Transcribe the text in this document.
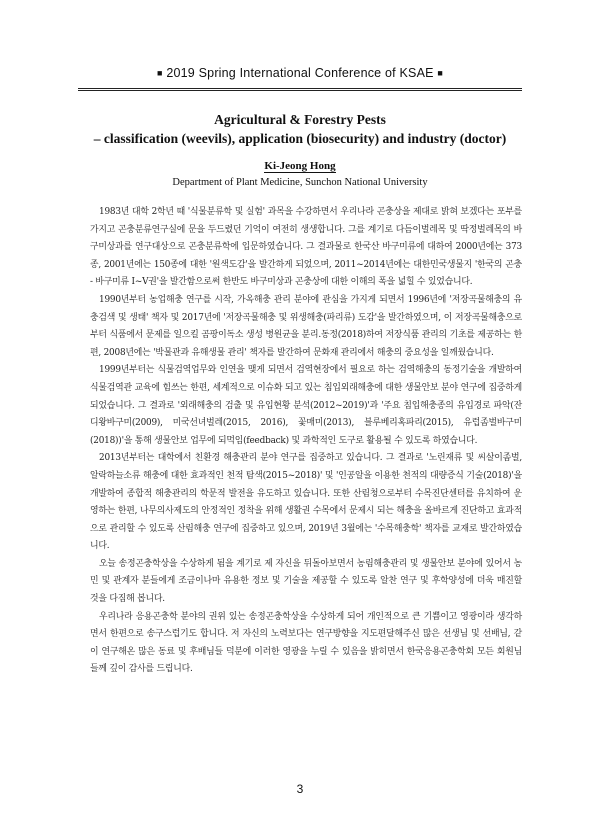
■ 2019 Spring International Conference of KSAE ■
Agricultural & Forestry Pests
– classification (weevils), application (biosecurity) and industry (doctor)
Ki-Jeong Hong
Department of Plant Medicine, Sunchon National University

1983년 대학 2학년 때 '식물분류학 및 실험' 과목을 수강하면서 우리나라 곤충상을 제대로 밝혀 보겠다는 포부를 가지고 곤충분류연구실에 문을 두드렸던 기억이 여전히 생생합니다. 그를 계기로 다듬이벌레목 및 딱정벌레목의 바구미상과를 연구대상으로 곤충분류학에 입문하였습니다. 그 결과물로 한국산 바구미류에 대하여 2000년에는 373종, 2001년에는 150종에 대한 '원색도감'을 발간하게 되었으며, 2011~2014년에는 대한민국생물지 '한국의 곤충 - 바구미류 I~V권'을 발간함으로써 한반도 바구미상과 곤충상에 대한 이해의 폭을 넓힐 수 있었습니다.

1990년부터 농업해충 연구를 시작, 가옥해충 관리 분야에 관심을 가지게 되면서 1996년에 '저장곡물해충의 유충검색 및 생태' 책자 및 2017년에 '저장곡물해충 및 위생해충(파리류) 도감'을 발간하였으며, 이 저장곡물해충으로부터 식품에서 문제를 일으킬 곰팡이독소 생성 병원균을 분리.동정(2018)하여 저장식품 관리의 기초를 제공하는 한편, 2008년에는 '박물관과 유해생물 관리' 책자를 발간하여 문화재 관리에서 해충의 중요성을 일깨웠습니다.

1999년부터는 식물검역업무와 인연을 맺게 되면서 검역현장에서 필요로 하는 검역해충의 동정기술을 개발하여 식물검역관 교육에 힘쓰는 한편, 세계적으로 이슈화 되고 있는 침입외래해충에 대한 생물안보 분야 연구에 집중하게 되었습니다. 그 결과로 '외래해충의 검출 및 유입현황 분석(2012~2019)'과 '주요 침입해충종의 유입경로 파악(잔디왕바구미(2009), 미국선녀벌레(2015, 2016), 꽃매미(2013), 블루베리혹파리(2015), 유럽좀벌바구미(2018))'을 통해 생물안보 업무에 되먹임(feedback) 및 과학적인 도구로 활용될 수 있도록 하였습니다.

2013년부터는 대학에서 친환경 해충관리 분야 연구를 집중하고 있습니다. 그 결과로 '노린재류 및 씨살이좀벌, 알락하늘소류 해충에 대한 효과적인 천적 탐색(2015~2018)' 및 '인공알을 이용한 천적의 대량증식 기술(2018)'을 개발하여 종합적 해충관리의 학문적 발전을 유도하고 있습니다. 또한 산림청으로부터 수목진단센터를 유치하여 운영하는 한편, 나무의사제도의 안정적인 정착을 위해 생활권 수목에서 문제시 되는 해충을 올바르게 진단하고 효과적으로 관리할 수 있도록 산림해충 연구에 집중하고 있으며, 2019년 3월에는 '수목해충학' 책자를 교재로 발간하였습니다.

오늘 송정곤충학상을 수상하게 됨을 계기로 제 자신을 뒤돌아보면서 농림해충관리 및 생물안보 분야에 있어서 농민 및 관계자 분들에게 조금이나마 유용한 정보 및 기술을 제공할 수 있도록 알찬 연구 및 후학양성에 더욱 매진할 것을 다짐해 봅니다.

우리나라 응용곤충학 분야의 권위 있는 송정곤충학상을 수상하게 되어 개인적으로 큰 기쁨이고 영광이라 생각하면서 한편으로 송구스럽기도 합니다. 저 자신의 노력보다는 연구방향을 지도편달해주신 많은 선생님 및 선배님, 같이 연구해온 많은 동료 및 후배님들 덕분에 이러한 영광을 누릴 수 있음을 밝히면서 한국응용곤충학회 모든 회원님들께 깊이 감사를 드립니다.

3
